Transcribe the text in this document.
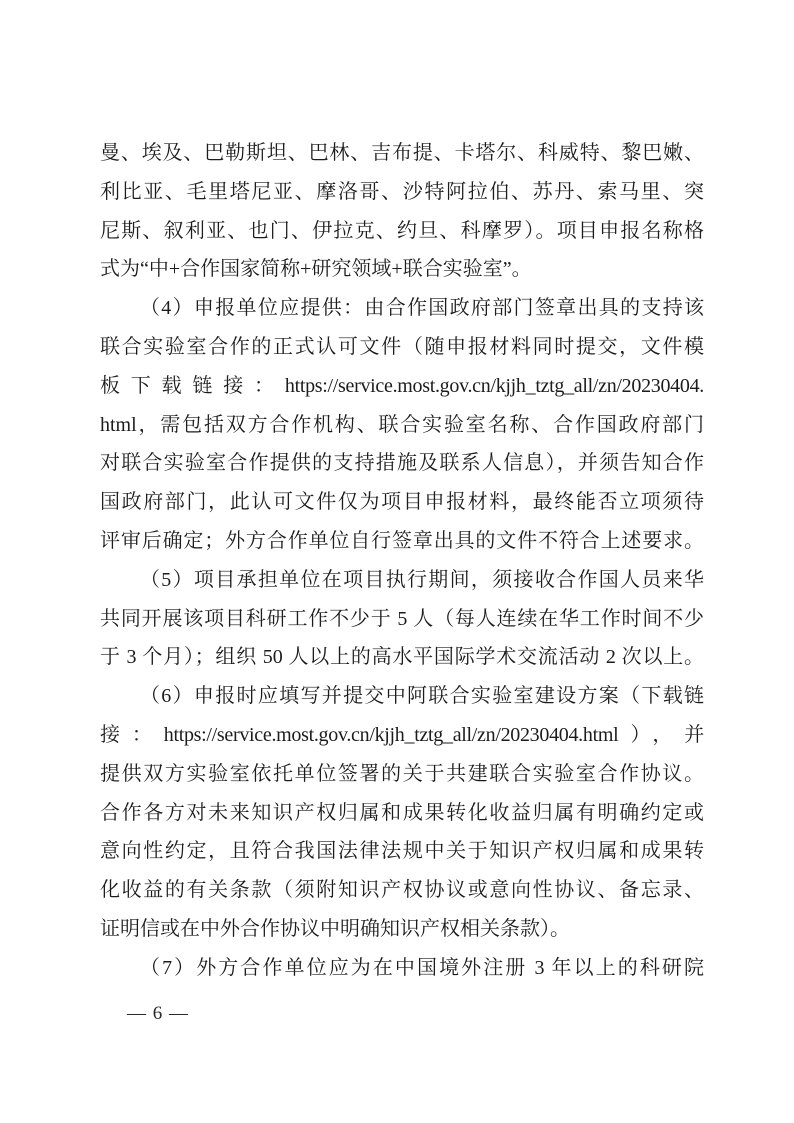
曼、埃及、巴勒斯坦、巴林、吉布提、卡塔尔、科威特、黎巴嫩、
利比亚、毛里塔尼亚、摩洛哥、沙特阿拉伯、苏丹、索马里、突
尼斯、叙利亚、也门、伊拉克、约旦、科摩罗）。项目申报名称格
式为“中+合作国家简称+研究领域+联合实验室”。
（4）申报单位应提供：由合作国政府部门签章出具的支持该
联合实验室合作的正式认可文件（随申报材料同时提交，文件模
板下载链接：https://service.most.gov.cn/kjjh_tztg_all/zn/20230404.
html，需包括双方合作机构、联合实验室名称、合作国政府部门
对联合实验室合作提供的支持措施及联系人信息），并须告知合作
国政府部门，此认可文件仅为项目申报材料，最终能否立项须待
评审后确定；外方合作单位自行签章出具的文件不符合上述要求。
（5）项目承担单位在项目执行期间，须接收合作国人员来华
共同开展该项目科研工作不少于 5 人（每人连续在华工作时间不少
于 3 个月）；组织 50 人以上的高水平国际学术交流活动 2 次以上。
（6）申报时应填写并提交中阿联合实验室建设方案（下载链
接：https://service.most.gov.cn/kjjh_tztg_all/zn/20230404.html），并
提供双方实验室依托单位签署的关于共建联合实验室合作协议。
合作各方对未来知识产权归属和成果转化收益归属有明确约定或
意向性约定，且符合我国法律法规中关于知识产权归属和成果转
化收益的有关条款（须附知识产权协议或意向性协议、备忘录、
证明信或在中外合作协议中明确知识产权相关条款）。
（7）外方合作单位应为在中国境外注册 3 年以上的科研院
— 6 —
